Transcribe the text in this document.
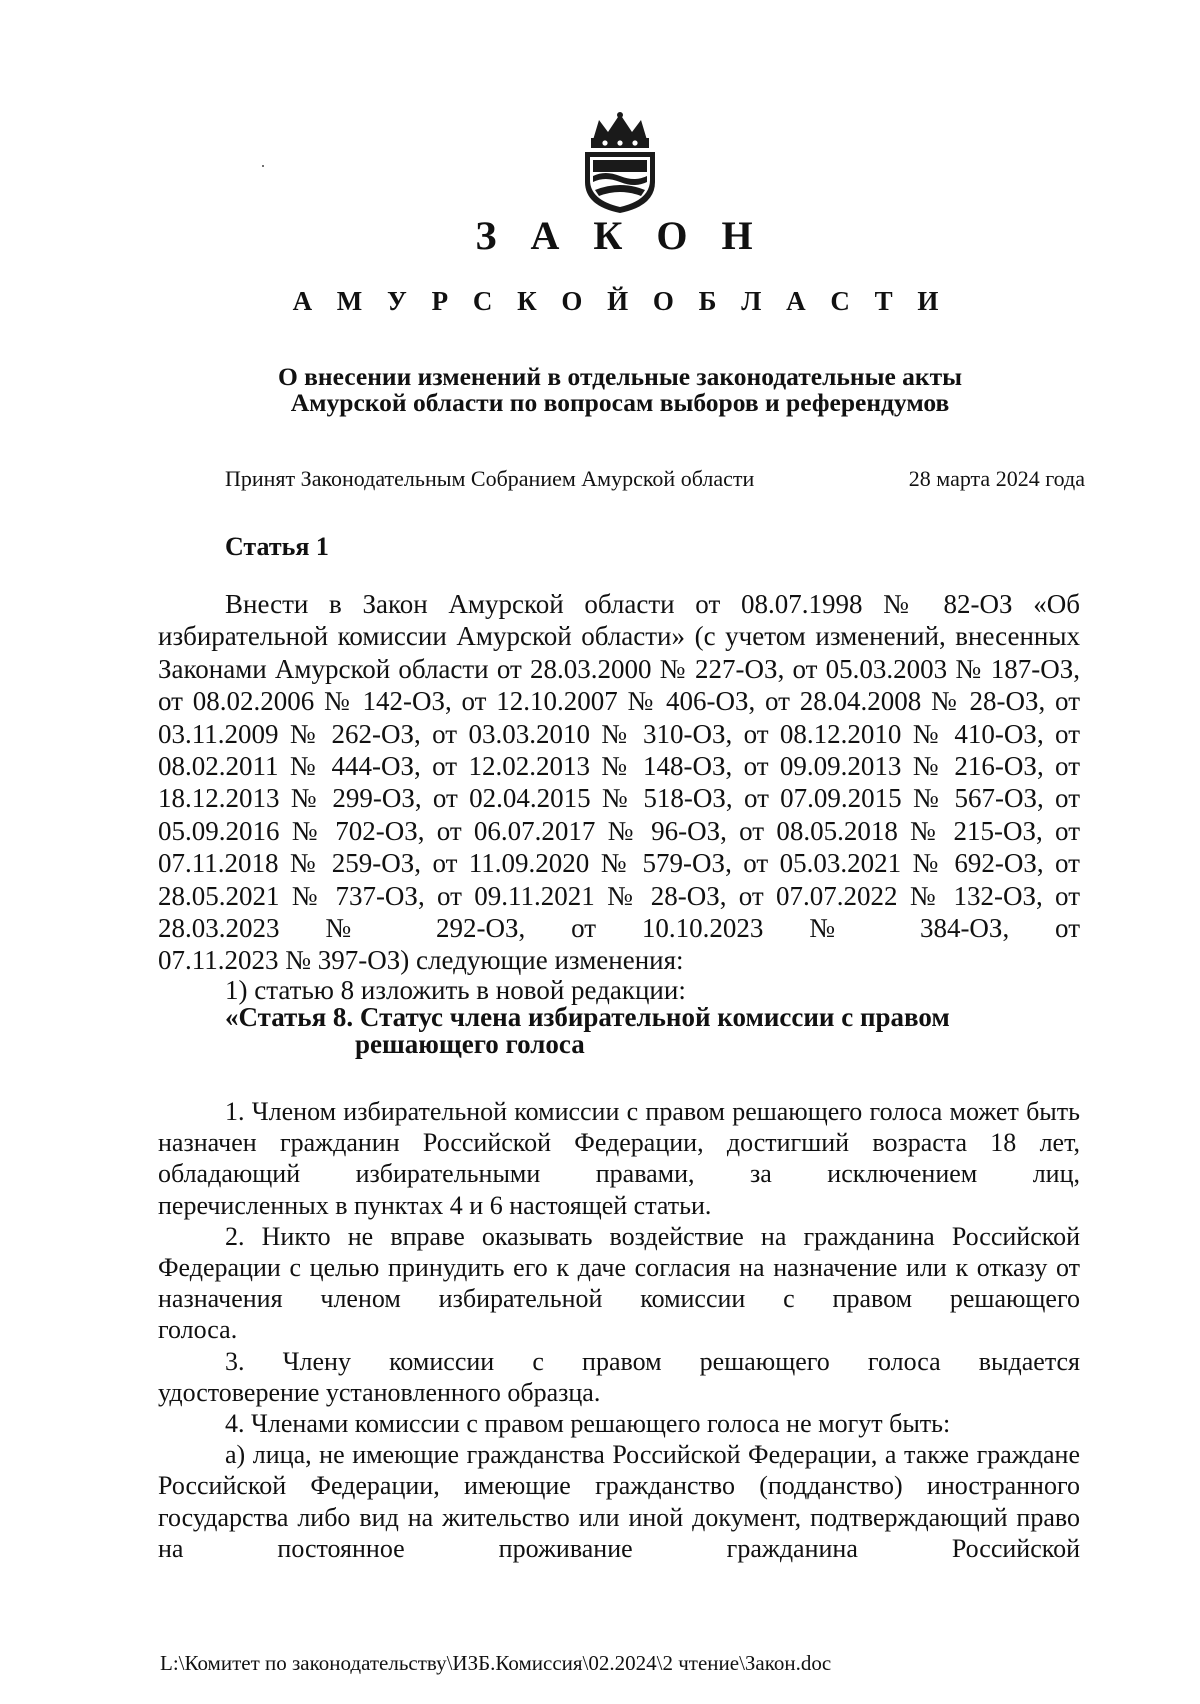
З А К О Н
А М У Р С К О Й О Б Л А С Т И
О внесении изменений в отдельные законодательные акты
Амурской области по вопросам выборов и референдумов
Принят Законодательным Собранием Амурской области	28 марта 2024 года
Статья 1

Внести в Закон Амурской области от 08.07.1998 № 82-ОЗ «Об избирательной комиссии Амурской области» (с учетом изменений, внесенных Законами Амурской области от 28.03.2000 № 227-ОЗ, от 05.03.2003 № 187-ОЗ, от 08.02.2006 № 142-ОЗ, от 12.10.2007 № 406-ОЗ, от 28.04.2008 № 28-ОЗ, от 03.11.2009 № 262-ОЗ, от 03.03.2010 № 310-ОЗ, от 08.12.2010 № 410-ОЗ, от 08.02.2011 № 444-ОЗ, от 12.02.2013 № 148-ОЗ, от 09.09.2013 № 216-ОЗ, от 18.12.2013 № 299-ОЗ, от 02.04.2015 № 518-ОЗ, от 07.09.2015 № 567-ОЗ, от 05.09.2016 № 702-ОЗ, от 06.07.2017 № 96-ОЗ, от 08.05.2018 № 215-ОЗ, от 07.11.2018 № 259-ОЗ, от 11.09.2020 № 579-ОЗ, от 05.03.2021 № 692-ОЗ, от 28.05.2021 № 737-ОЗ, от 09.11.2021 № 28-ОЗ, от 07.07.2022 № 132-ОЗ, от 28.03.2023 № 292-ОЗ, от 10.10.2023 № 384-ОЗ, от

07.11.2023 № 397-ОЗ) следующие изменения:

1) статью 8 изложить в новой редакции:

«Статья 8. Статус члена избирательной комиссии с правом
решающего голоса

1. Членом избирательной комиссии с правом решающего голоса может быть назначен гражданин Российской Федерации, достигший возраста 18 лет, обладающий избирательными правами, за исключением лиц,

перечисленных в пунктах 4 и 6 настоящей статьи.

2. Никто не вправе оказывать воздействие на гражданина Российской Федерации с целью принудить его к даче согласия на назначение или к отказу от назначения членом избирательной комиссии с правом решающего

голоса.

3. Члену комиссии с правом решающего голоса выдается

удостоверение установленного образца.

4. Членами комиссии с правом решающего голоса не могут быть:

а) лица, не имеющие гражданства Российской Федерации, а также граждане Российской Федерации, имеющие гражданство (подданство) иностранного государства либо вид на жительство или иной документ, подтверждающий право на постоянное проживание гражданина Российской

L:\Комитет по законодательству\ИЗБ.Комиссия\02.2024\2 чтение\Закон.doc
